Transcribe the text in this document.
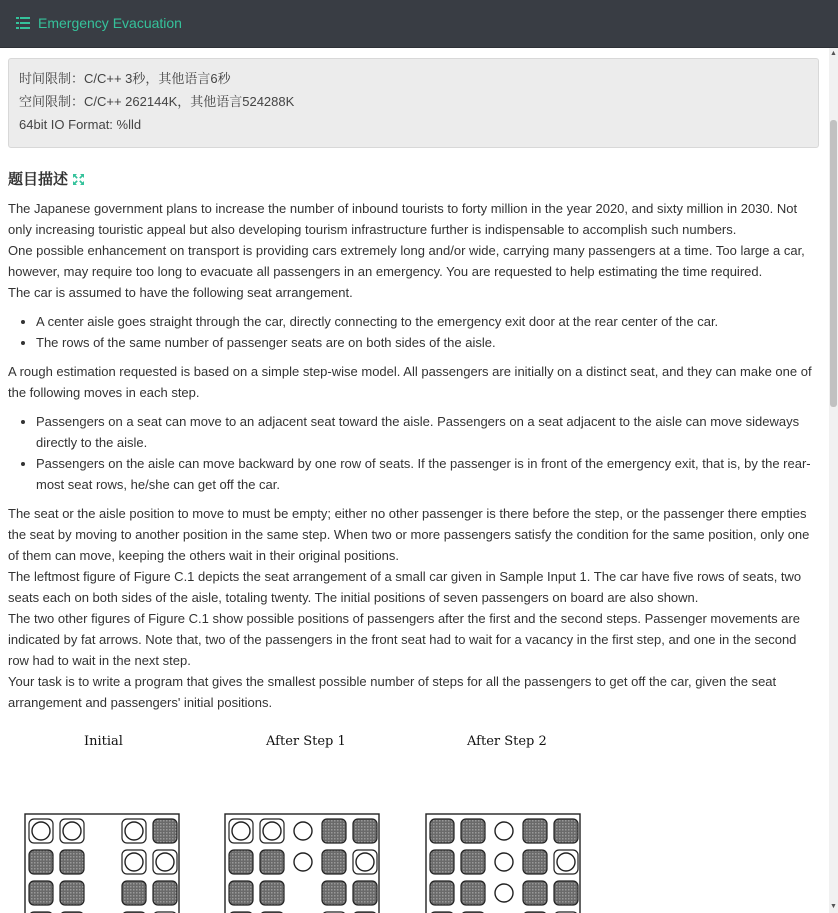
Emergency Evacuation
时间限制：C/C++ 3秒，其他语言6秒
空间限制：C/C++ 262144K，其他语言524288K
64bit IO Format: %lld
题目描述

The Japanese government plans to increase the number of inbound tourists to forty million in the year 2020, and sixty million in 2030. Not only increasing touristic appeal but also developing tourism infrastructure further is indispensable to accomplish such numbers.

One possible enhancement on transport is providing cars extremely long and/or wide, carrying many passengers at a time. Too large a car, however, may require too long to evacuate all passengers in an emergency. You are requested to help estimating the time required.

The car is assumed to have the following seat arrangement.

• A center aisle goes straight through the car, directly connecting to the emergency exit door at the rear center of the car.
• The rows of the same number of passenger seats are on both sides of the aisle.

A rough estimation requested is based on a simple step-wise model. All passengers are initially on a distinct seat, and they can make one of the following moves in each step.

• Passengers on a seat can move to an adjacent seat toward the aisle. Passengers on a seat adjacent to the aisle can move sideways directly to the aisle.
• Passengers on the aisle can move backward by one row of seats. If the passenger is in front of the emergency exit, that is, by the rear-most seat rows, he/she can get off the car.

The seat or the aisle position to move to must be empty; either no other passenger is there before the step, or the passenger there empties the seat by moving to another position in the same step. When two or more passengers satisfy the condition for the same position, only one of them can move, keeping the others wait in their original positions.

The leftmost figure of Figure C.1 depicts the seat arrangement of a small car given in Sample Input 1. The car have five rows of seats, two seats each on both sides of the aisle, totaling twenty. The initial positions of seven passengers on board are also shown.

The two other figures of Figure C.1 show possible positions of passengers after the first and the second steps. Passenger movements are indicated by fat arrows. Note that, two of the passengers in the front seat had to wait for a vacancy in the first step, and one in the second row had to wait in the next step.

Your task is to write a program that gives the smallest possible number of steps for all the passengers to get off the car, given the seat arrangement and passengers' initial positions.

Initial	After Step 1	After Step 2
▲
▼
